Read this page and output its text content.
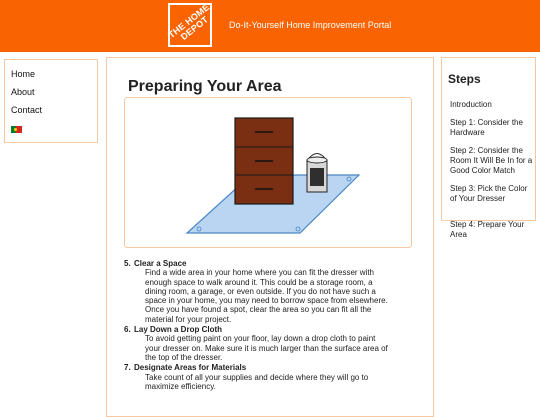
THE HOME DEPOT	Do-It-Yourself Home Improvement Portal
Home
About
Contact
Preparing Your Area
5. Clear a Space
Find a wide area in your home where you can fit the dresser with enough space to walk around it. This could be a storage room, a dining room, a garage, or even outside. If you do not have such a space in your home, you may need to borrow space from elsewhere. Once you have found a spot, clear the area so you can fit all the material for your project.
6. Lay Down a Drop Cloth
To avoid getting paint on your floor, lay down a drop cloth to paint your dresser on. Make sure it is much larger than the surface area of the top of the dresser.
7. Designate Areas for Materials
Take count of all your supplies and decide where they will go to maximize efficiency.
Steps
Introduction
Step 1: Consider the Hardware
Step 2: Consider the Room It Will Be In for a Good Color Match
Step 3: Pick the Color of Your Dresser
Step 4: Prepare Your Area
